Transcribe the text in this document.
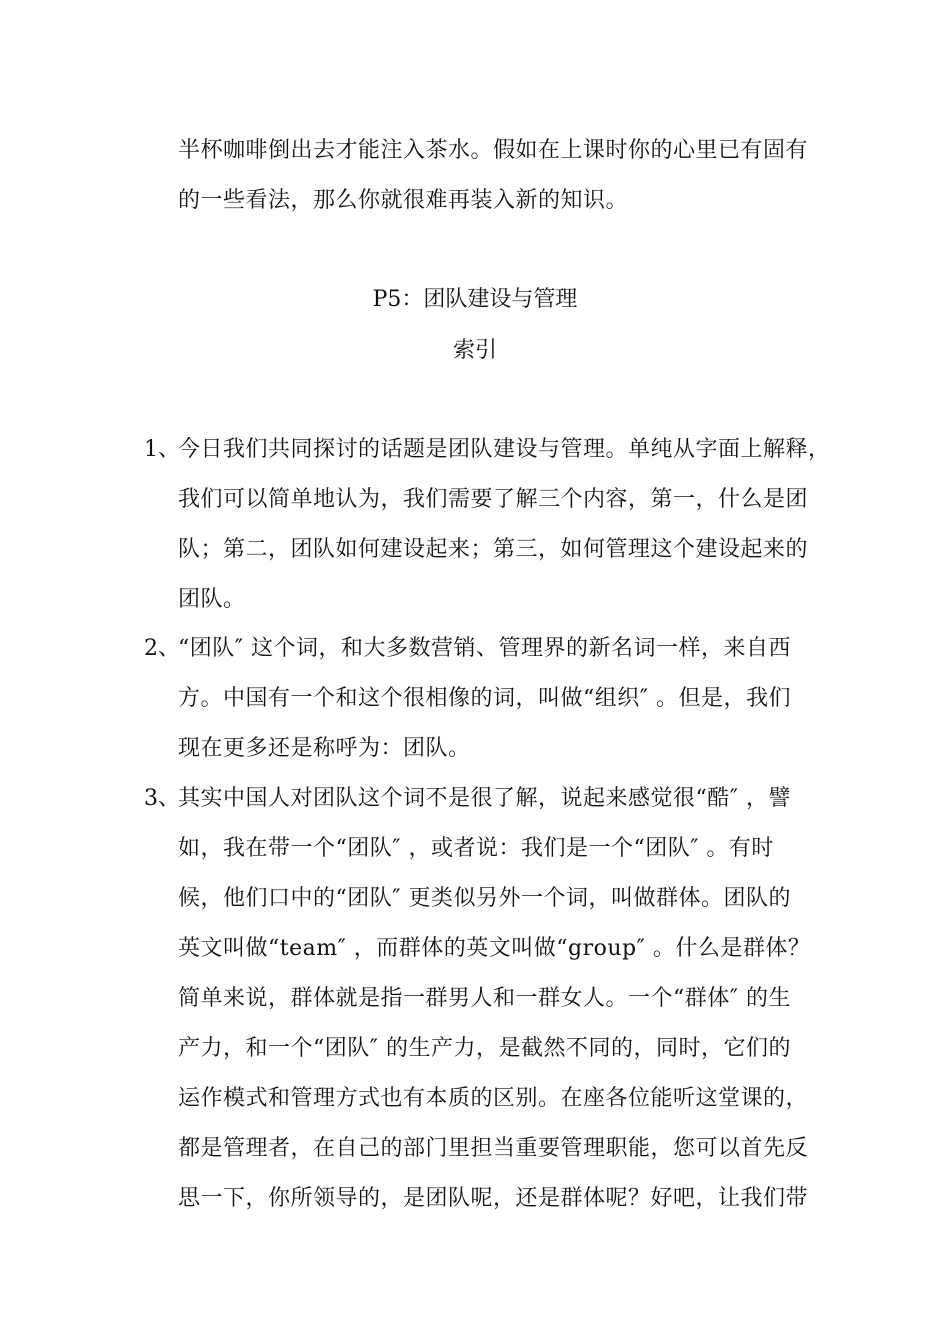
半杯咖啡倒出去才能注入茶水。假如在上课时你的心里已有固有
的一些看法，那么你就很难再装入新的知识。
P5：团队建设与管理
索引
1、
今日我们共同探讨的话题是团队建设与管理。单纯从字面上解释，
我们可以简单地认为，我们需要了解三个内容，第一，什么是团
队；第二，团队如何建设起来；第三，如何管理这个建设起来的
团队。
2、
“团队″ 这个词，和大多数营销、管理界的新名词一样，来自西
方。中国有一个和这个很相像的词，叫做“组织″ 。但是，我们
现在更多还是称呼为：团队。
3、
其实中国人对团队这个词不是很了解，说起来感觉很“酷″ ，譬
如，我在带一个“团队″ ，或者说：我们是一个“团队″ 。有时
候，他们口中的“团队″ 更类似另外一个词，叫做群体。团队的
英文叫做“team″ ，而群体的英文叫做“group″ 。什么是群体？
简单来说，群体就是指一群男人和一群女人。一个“群体″ 的生
产力，和一个“团队″ 的生产力，是截然不同的，同时，它们的
运作模式和管理方式也有本质的区别。在座各位能听这堂课的，
都是管理者，在自己的部门里担当重要管理职能，您可以首先反
思一下，你所领导的，是团队呢，还是群体呢？好吧，让我们带
